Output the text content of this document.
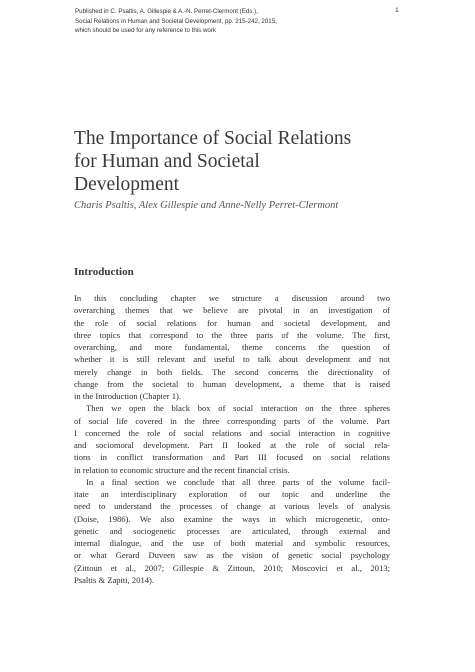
Published in C. Psaltis, A. Gillespie & A.-N. Perret-Clermont (Eds.),
Social Relations in Human and Societal Development, pp. 215-242, 2015,
which should be used for any reference to this work
1
The Importance of Social Relations
for Human and Societal
Development
Charis Psaltis, Alex Gillespie and Anne-Nelly Perret-Clermont
Introduction
In this concluding chapter we structure a discussion around two
overarching themes that we believe are pivotal in an investigation of
the role of social relations for human and societal development, and
three topics that correspond to the three parts of the volume. The first,
overarching, and more fundamental, theme concerns the question of
whether it is still relevant and useful to talk about development and not
merely change in both fields. The second concerns the directionality of
change from the societal to human development, a theme that is raised
in the Introduction (Chapter 1).
Then we open the black box of social interaction on the three spheres
of social life covered in the three corresponding parts of the volume. Part
I concerned the role of social relations and social interaction in cognitive
and sociomoral development. Part II looked at the role of social rela-
tions in conflict transformation and Part III focused on social relations
in relation to economic structure and the recent financial crisis.
In a final section we conclude that all three parts of the volume facil-
itate an interdisciplinary exploration of our topic and underline the
need to understand the processes of change at various levels of analysis
(Doise, 1986). We also examine the ways in which microgenetic, onto-
genetic and sociogenetic processes are articulated, through external and
internal dialogue, and the use of both material and symbolic resources,
or what Gerard Duveen saw as the vision of genetic social psychology
(Zittoun et al., 2007; Gillespie & Zittoun, 2010; Moscovici et al., 2013;
Psaltis & Zapiti, 2014).
